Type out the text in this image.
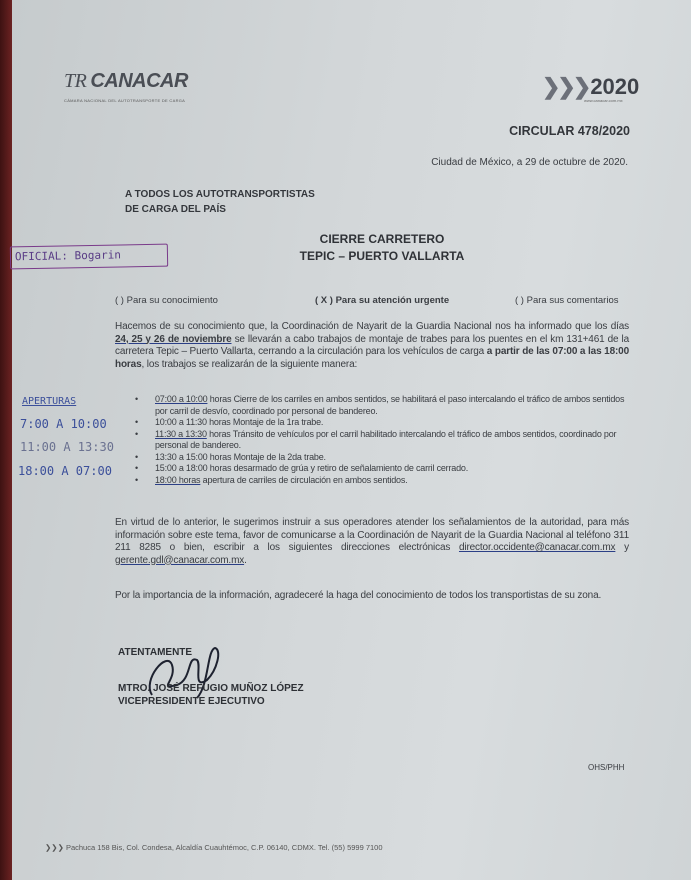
TR CANACAR
CÁMARA NACIONAL DEL AUTOTRANSPORTE DE CARGA
❯❯❯2020
www.canacar.com.mx
CIRCULAR 478/2020
Ciudad de México, a 29 de octubre de 2020.
A TODOS LOS AUTOTRANSPORTISTAS
DE CARGA DEL PAÍS
CIERRE CARRETERO
TEPIC – PUERTO VALLARTA
OFICIAL: Bogarin
( ) Para su conocimiento	( X ) Para su atención urgente	( ) Para sus comentarios
Hacemos de su conocimiento que, la Coordinación de Nayarit de la Guardia Nacional nos ha informado que los días 24, 25 y 26 de noviembre se llevarán a cabo trabajos de montaje de trabes para los puentes en el km 131+461 de la carretera Tepic – Puerto Vallarta, cerrando a la circulación para los vehículos de carga a partir de las 07:00 a las 18:00 horas, los trabajos se realizarán de la siguiente manera:
APERTURAS
7:00 A 10:00
11:00 A 13:30
18:00 A 07:00
• 07:00 a 10:00 horas Cierre de los carriles en ambos sentidos, se habilitará el paso intercalando el tráfico de ambos sentidos por carril de desvío, coordinado por personal de bandereo.
• 10:00 a 11:30 horas Montaje de la 1ra trabe.
• 11:30 a 13:30 horas Tránsito de vehículos por el carril habilitado intercalando el tráfico de ambos sentidos, coordinado por personal de bandereo.
• 13:30 a 15:00 horas Montaje de la 2da trabe.
• 15:00 a 18:00 horas desarmado de grúa y retiro de señalamiento de carril cerrado.
• 18:00 horas apertura de carriles de circulación en ambos sentidos.
En virtud de lo anterior, le sugerimos instruir a sus operadores atender los señalamientos de la autoridad, para más información sobre este tema, favor de comunicarse a la Coordinación de Nayarit de la Guardia Nacional al teléfono 311 211 8285 o bien, escribir a los siguientes direcciones electrónicas director.occidente@canacar.com.mx y gerente.gdl@canacar.com.mx.
Por la importancia de la información, agradeceré la haga del conocimiento de todos los transportistas de su zona.
ATENTAMENTE
MTRO. JOSÉ REFUGIO MUÑOZ LÓPEZ
VICEPRESIDENTE EJECUTIVO
OHS/PHH
❯❯❯ Pachuca 158 Bis, Col. Condesa, Alcaldía Cuauhtémoc, C.P. 06140, CDMX. Tel. (55) 5999 7100
